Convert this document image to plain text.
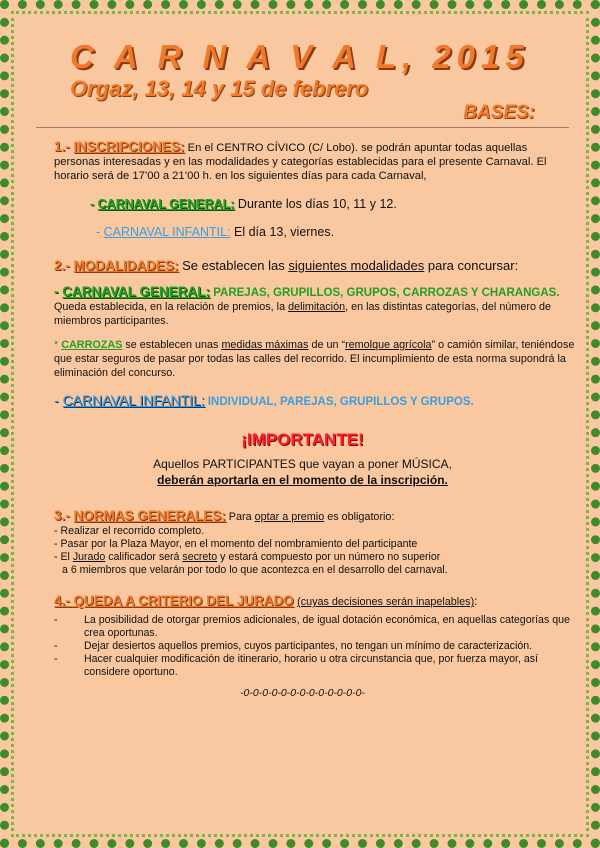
C A R N A V A L, 2015
Orgaz, 13, 14 y 15 de febrero
BASES:
1.- INSCRIPCIONES: En el CENTRO CÍVICO (C/ Lobo). se podrán apuntar todas aquellas personas interesadas y en las modalidades y categorías establecidas para el presente Carnaval. El horario será de 17’00 a 21’00 h. en los siguientes días para cada Carnaval,
- CARNAVAL GENERAL: Durante los días 10, 11 y 12.
- CARNAVAL INFANTIL: El día 13, viernes.
2.- MODALIDADES: Se establecen las siguientes modalidades para concursar:
- CARNAVAL GENERAL: PAREJAS, GRUPILLOS, GRUPOS, CARROZAS Y CHARANGAS. Queda establecida, en la relación de premios, la delimitación, en las distintas categorías, del número de miembros participantes.
* CARROZAS se establecen unas medidas máximas de un “remolque agrícola” o camión similar, teniéndose que estar seguros de pasar por todas las calles del recorrido. El incumplimiento de esta norma supondrá la eliminación del concurso.
- CARNAVAL INFANTIL: INDIVIDUAL, PAREJAS, GRUPILLOS Y GRUPOS.
¡IMPORTANTE!
Aquellos PARTICIPANTES que vayan a poner MÚSICA,
deberán aportarla en el momento de la inscripción.
3.- NORMAS GENERALES: Para optar a premio es obligatorio:
- Realizar el recorrido completo.
- Pasar por la Plaza Mayor, en el momento del nombramiento del participante
- El Jurado calificador será secreto y estará compuesto por un número no superior
a 6 miembros que velarán por todo lo que acontezca en el desarrollo del carnaval.
4.- QUEDA A CRITERIO DEL JURADO (cuyas decisiones serán inapelables):
-	La posibilidad de otorgar premios adicionales, de igual dotación económica, en aquellas categorías que crea oportunas.
-	Dejar desiertos aquellos premios, cuyos participantes, no tengan un mínimo de caracterización.
-	Hacer cualquier modificación de itinerario, horario u otra circunstancia que, por fuerza mayor, así considere oportuno.
-0-0-0-0-0-0-0-0-0-0-0-0-0-
